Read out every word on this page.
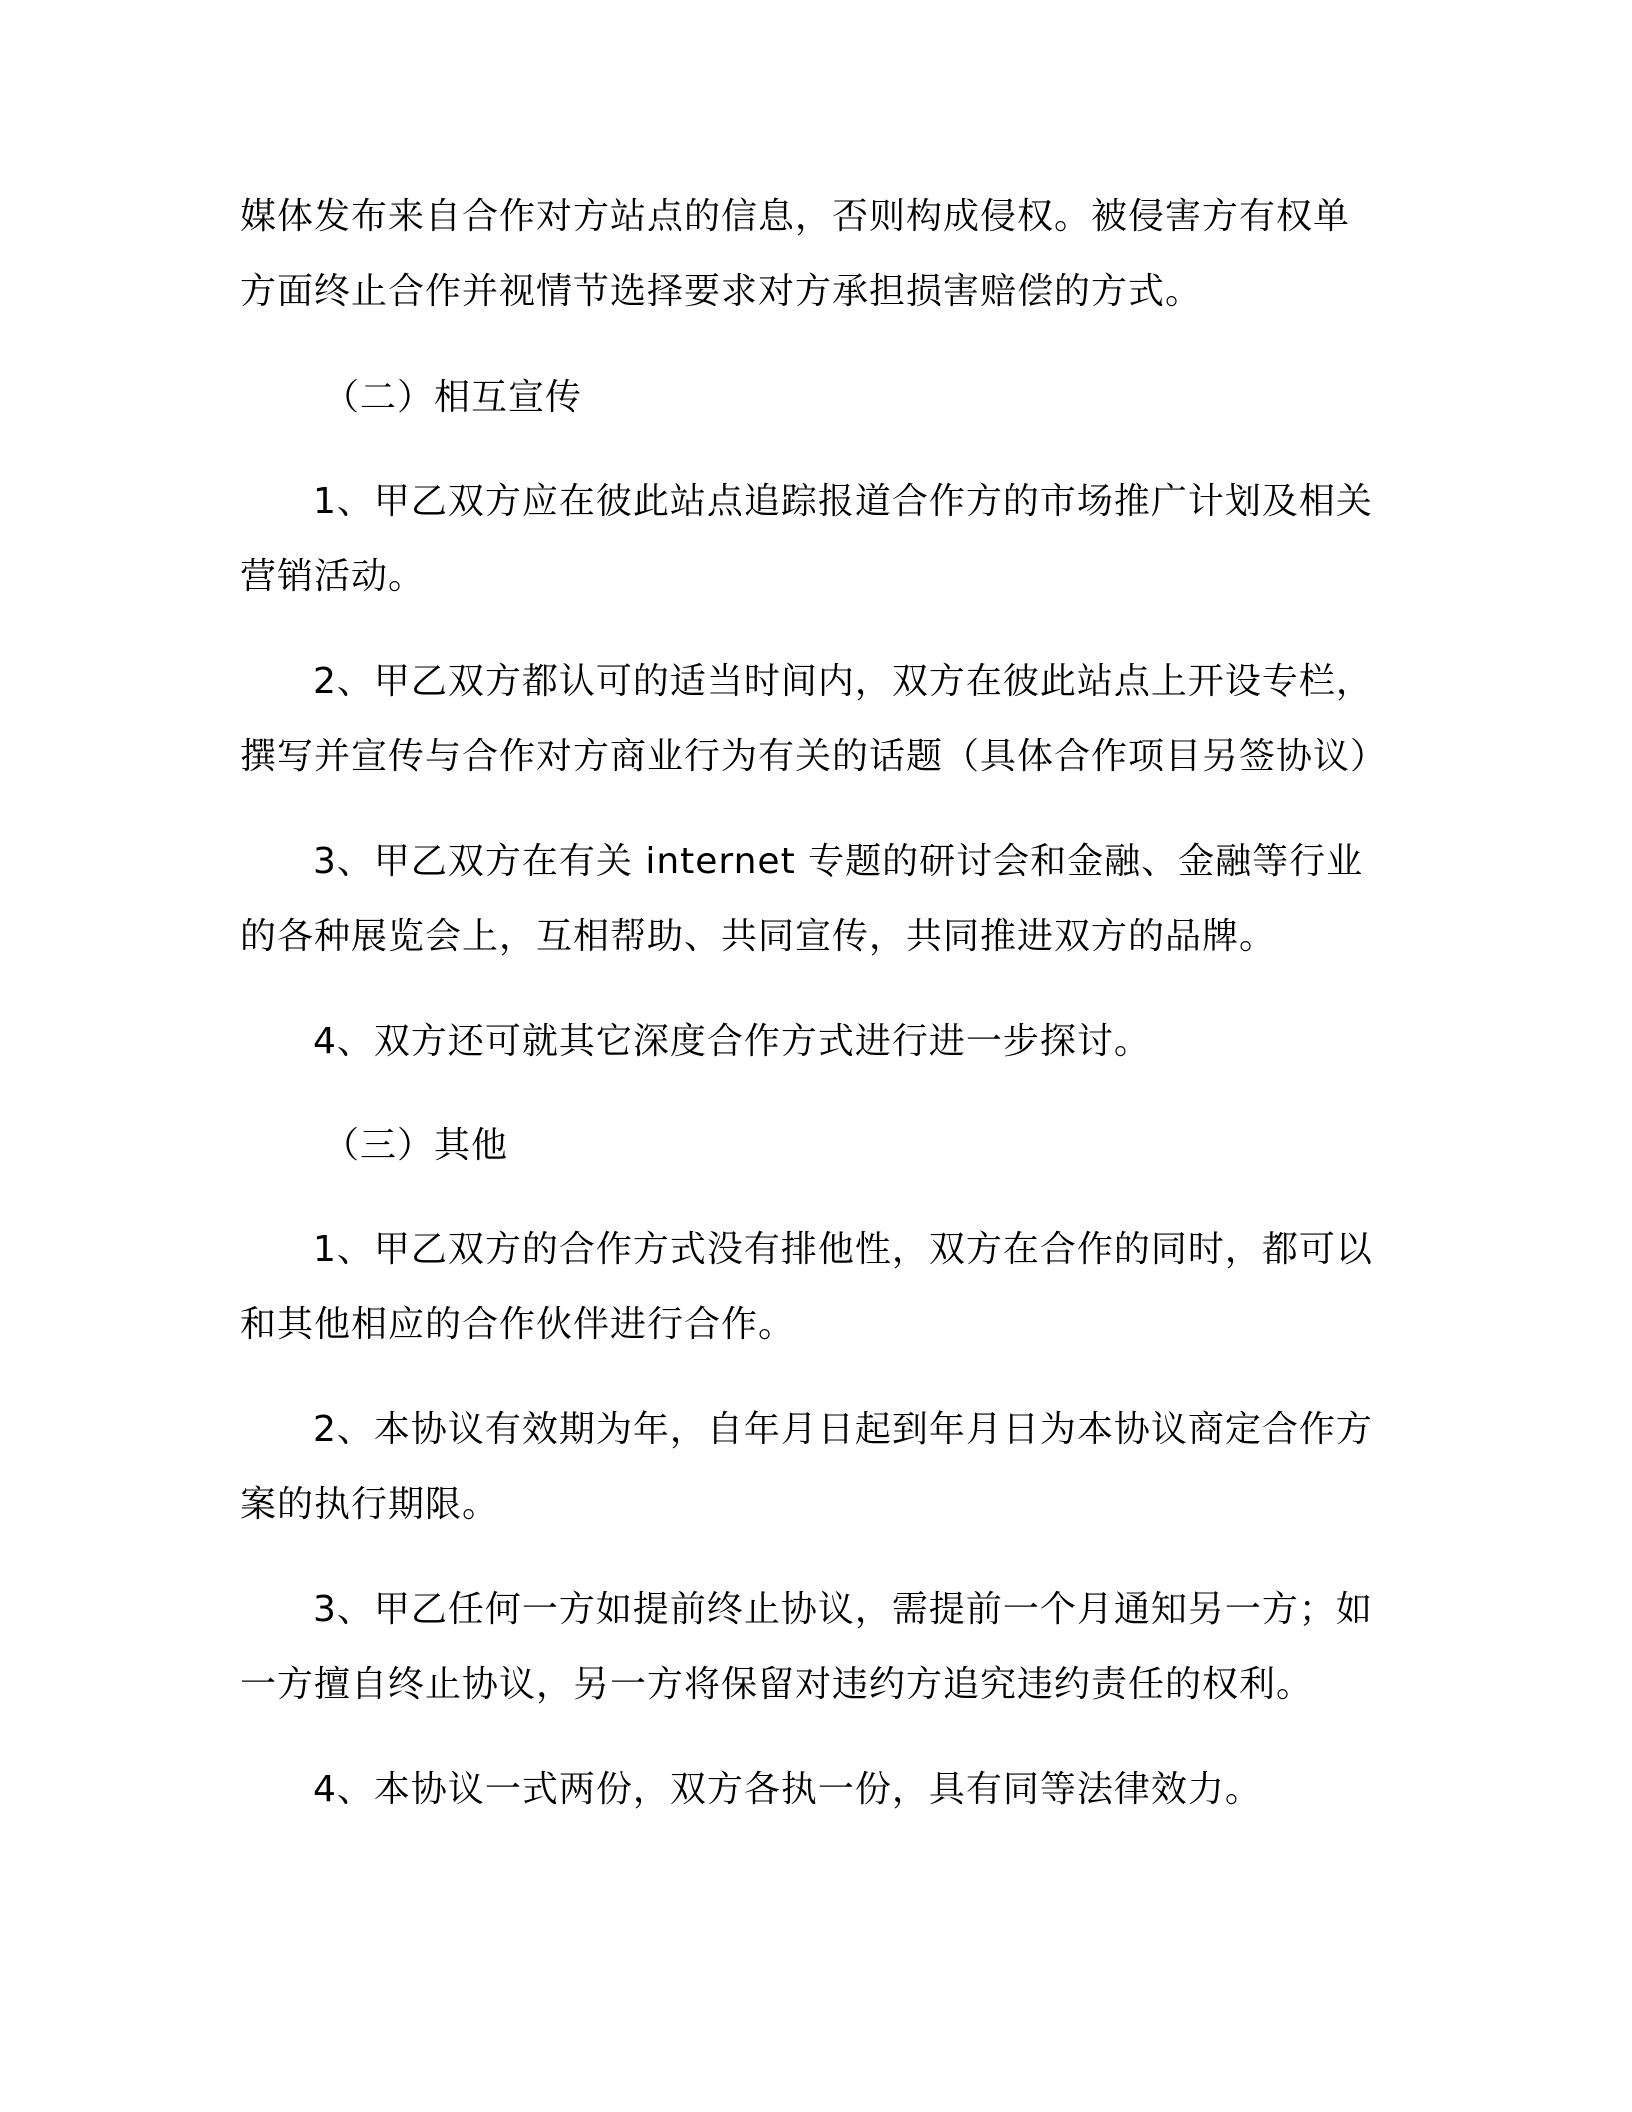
媒体发布来自合作对方站点的信息，否则构成侵权。被侵害方有权单
方面终止合作并视情节选择要求对方承担损害赔偿的方式。
（二）相互宣传
1、甲乙双方应在彼此站点追踪报道合作方的市场推广计划及相关
营销活动。
2、甲乙双方都认可的适当时间内，双方在彼此站点上开设专栏，
撰写并宣传与合作对方商业行为有关的话题（具体合作项目另签协议）
3、甲乙双方在有关 internet 专题的研讨会和金融、金融等行业
的各种展览会上，互相帮助、共同宣传，共同推进双方的品牌。
4、双方还可就其它深度合作方式进行进一步探讨。
（三）其他
1、甲乙双方的合作方式没有排他性，双方在合作的同时，都可以
和其他相应的合作伙伴进行合作。
2、本协议有效期为年，自年月日起到年月日为本协议商定合作方
案的执行期限。
3、甲乙任何一方如提前终止协议，需提前一个月通知另一方；如
一方擅自终止协议，另一方将保留对违约方追究违约责任的权利。
4、本协议一式两份，双方各执一份，具有同等法律效力。
